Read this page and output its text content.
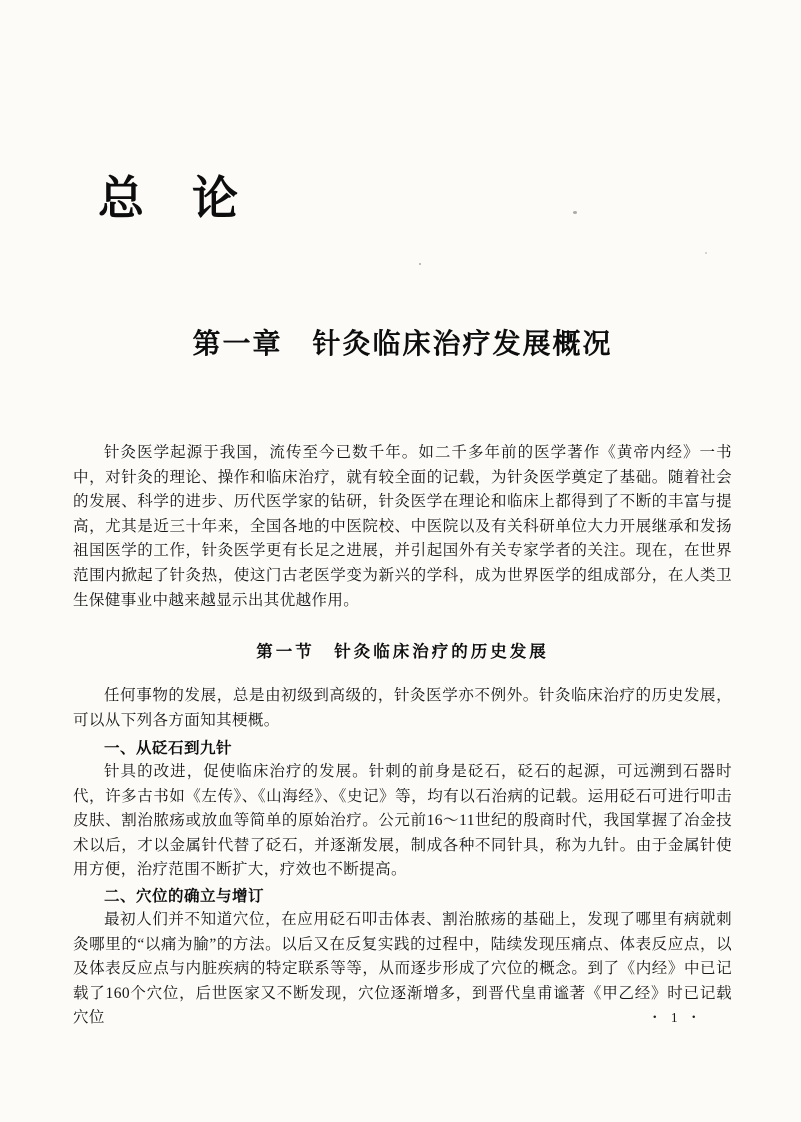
总　论
第一章　针灸临床治疗发展概况

针灸医学起源于我国，流传至今已数千年。如二千多年前的医学著作《黄帝内经》一书中，对针灸的理论、操作和临床治疗，就有较全面的记载，为针灸医学奠定了基础。随着社会的发展、科学的进步、历代医学家的钻研，针灸医学在理论和临床上都得到了不断的丰富与提高，尤其是近三十年来，全国各地的中医院校、中医院以及有关科研单位大力开展继承和发扬祖国医学的工作，针灸医学更有长足之进展，并引起国外有关专家学者的关注。现在，在世界范围内掀起了针灸热，使这门古老医学变为新兴的学科，成为世界医学的组成部分，在人类卫生保健事业中越来越显示出其优越作用。

第一节　针灸临床治疗的历史发展

任何事物的发展，总是由初级到高级的，针灸医学亦不例外。针灸临床治疗的历史发展，可以从下列各方面知其梗概。

一、从砭石到九针

针具的改进，促使临床治疗的发展。针刺的前身是砭石，砭石的起源，可远溯到石器时代，许多古书如《左传》、《山海经》、《史记》等，均有以石治病的记载。运用砭石可进行叩击皮肤、割治脓疡或放血等简单的原始治疗。公元前16～11世纪的殷商时代，我国掌握了冶金技术以后，才以金属针代替了砭石，并逐渐发展，制成各种不同针具，称为九针。由于金属针使用方便，治疗范围不断扩大，疗效也不断提高。

二、穴位的确立与增订

最初人们并不知道穴位，在应用砭石叩击体表、割治脓疡的基础上，发现了哪里有病就刺灸哪里的“以痛为腧”的方法。以后又在反复实践的过程中，陆续发现压痛点、体表反应点，以及体表反应点与内脏疾病的特定联系等等，从而逐步形成了穴位的概念。到了《内经》中已记载了160个穴位，后世医家又不断发现，穴位逐渐增多，到晋代皇甫谧著《甲乙经》时已记载穴位	・ 1 ・
